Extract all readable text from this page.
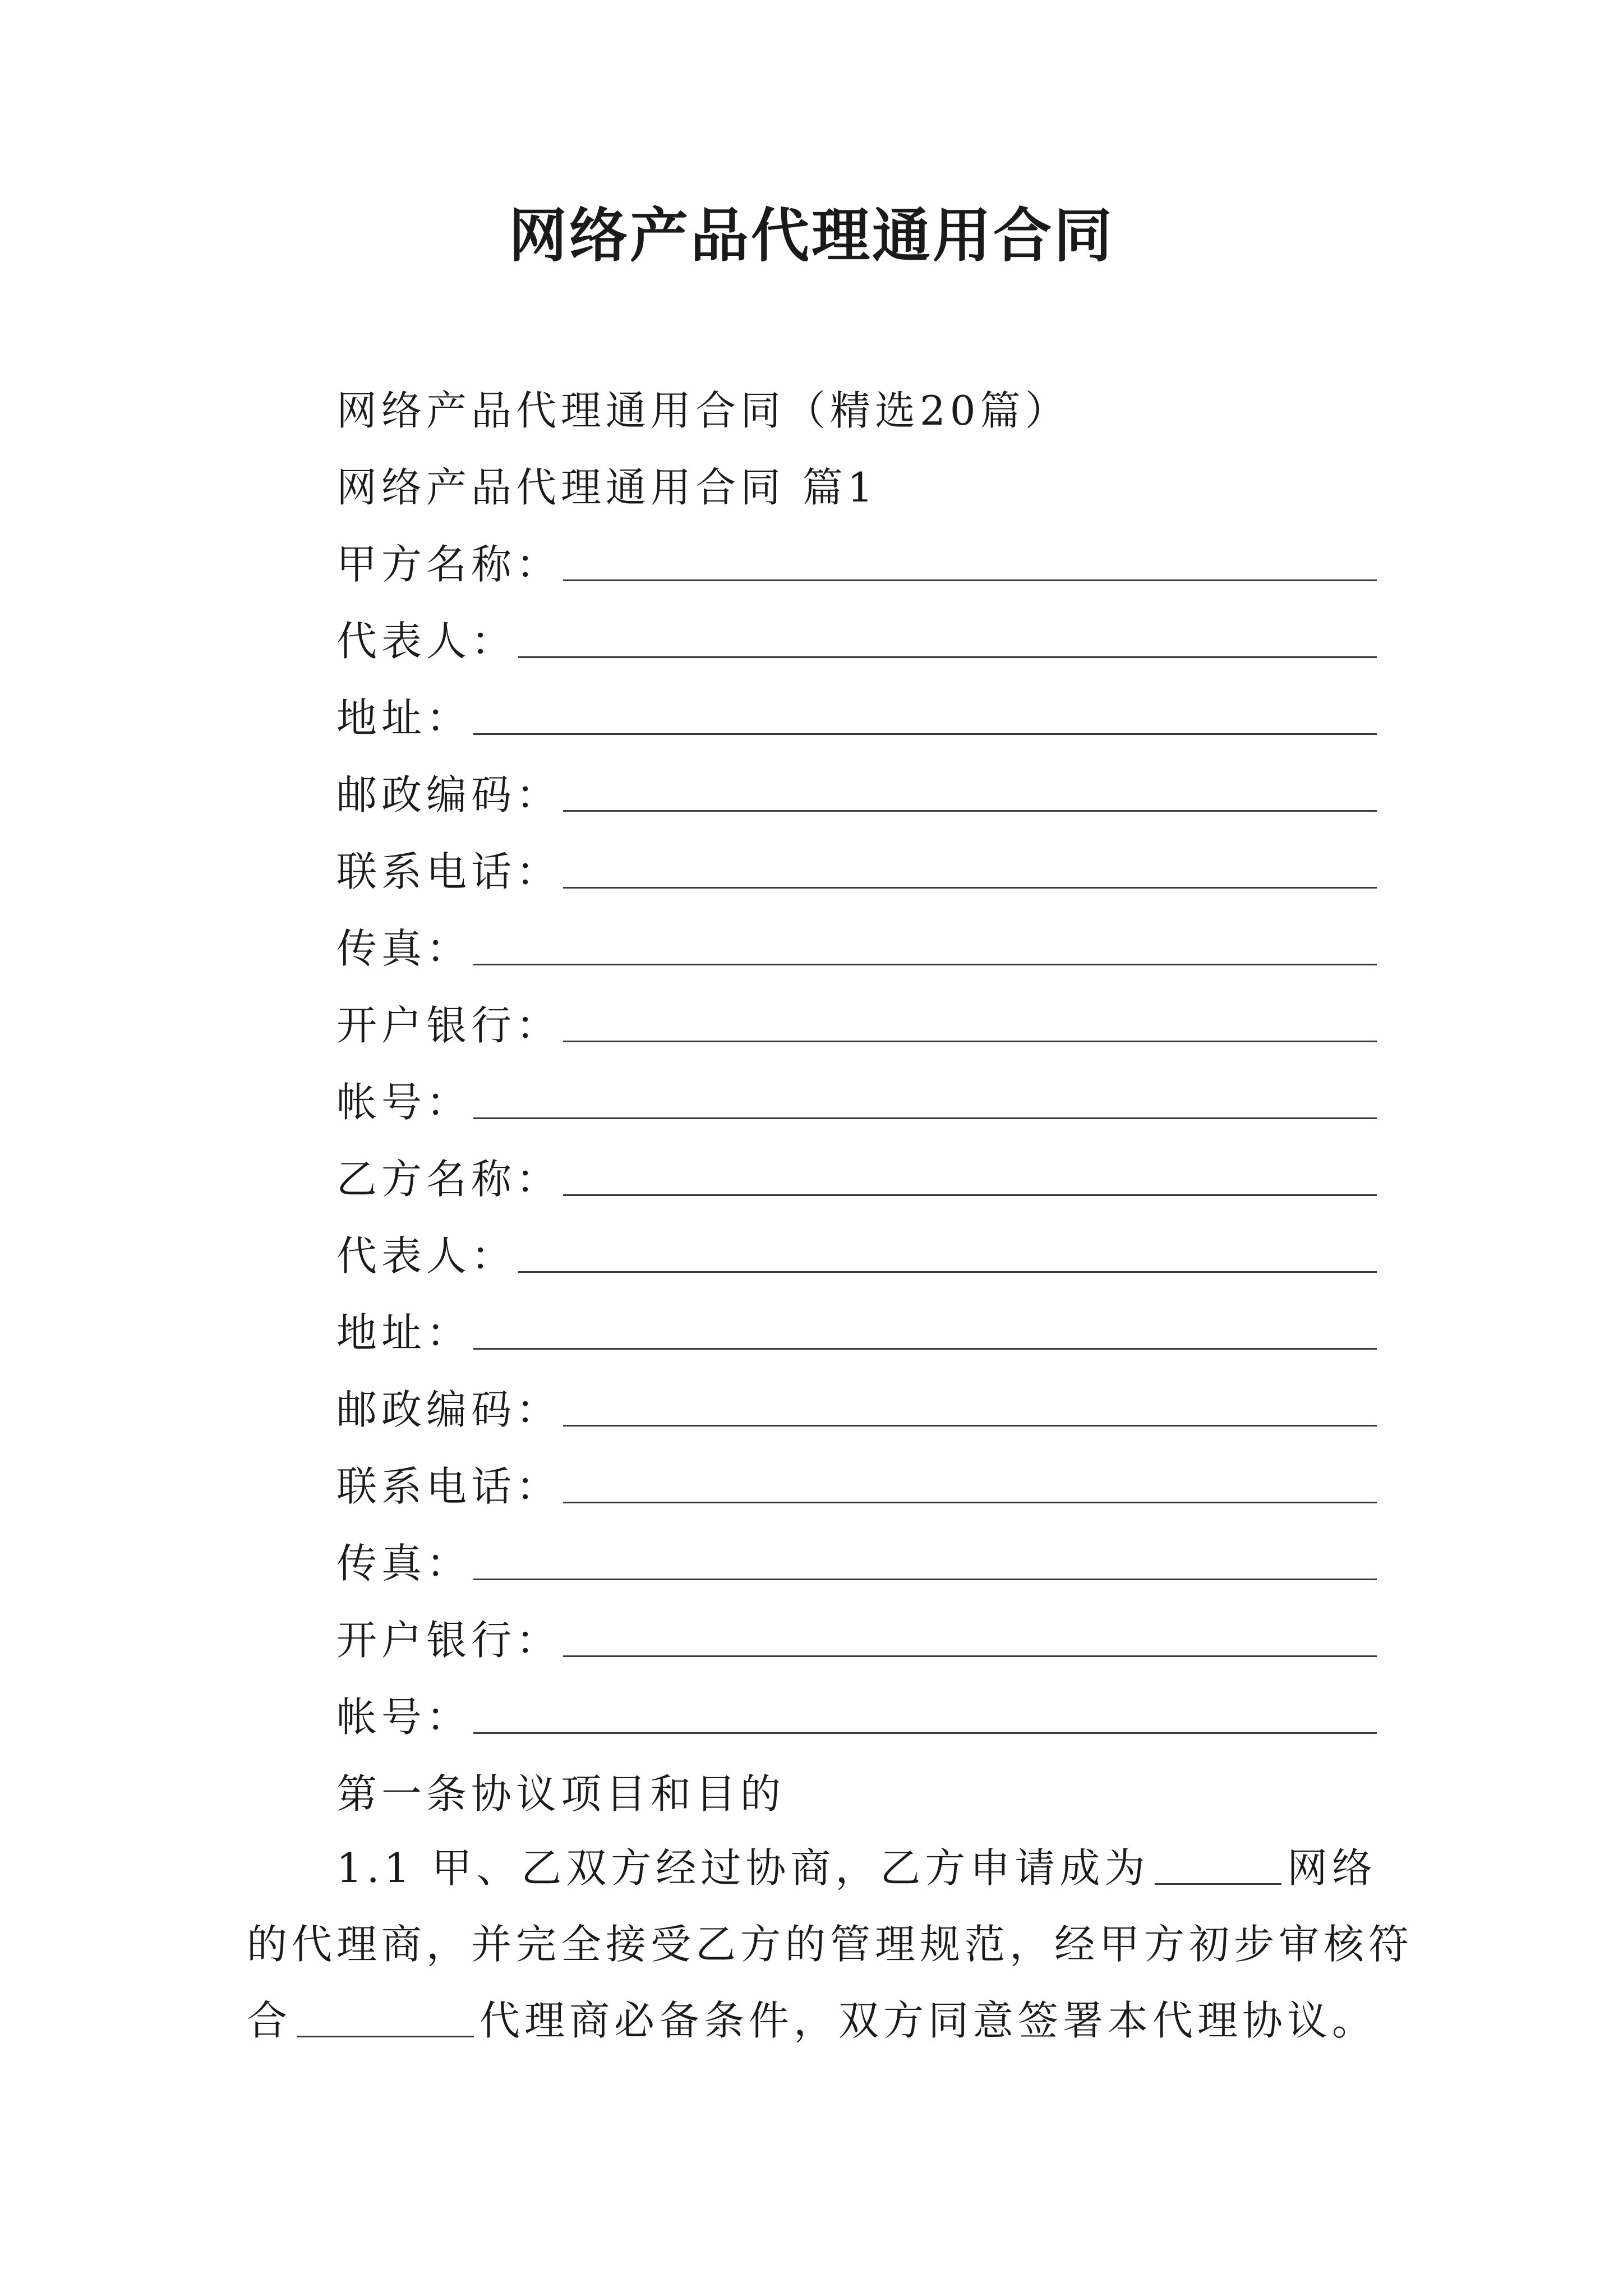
网络产品代理通用合同
网络产品代理通用合同（精选20篇）
网络产品代理通用合同 篇1
甲方名称：
代表人：
地址：
邮政编码：
联系电话：
传真：
开户银行：
帐号：
乙方名称：
代表人：
地址：
邮政编码：
联系电话：
传真：
开户银行：
帐号：
第一条协议项目和目的
1.1 甲、乙双方经过协商，乙方申请成为	网络
的代理商，并完全接受乙方的管理规范，经甲方初步审核符
合	代理商必备条件，双方同意签署本代理协议。
